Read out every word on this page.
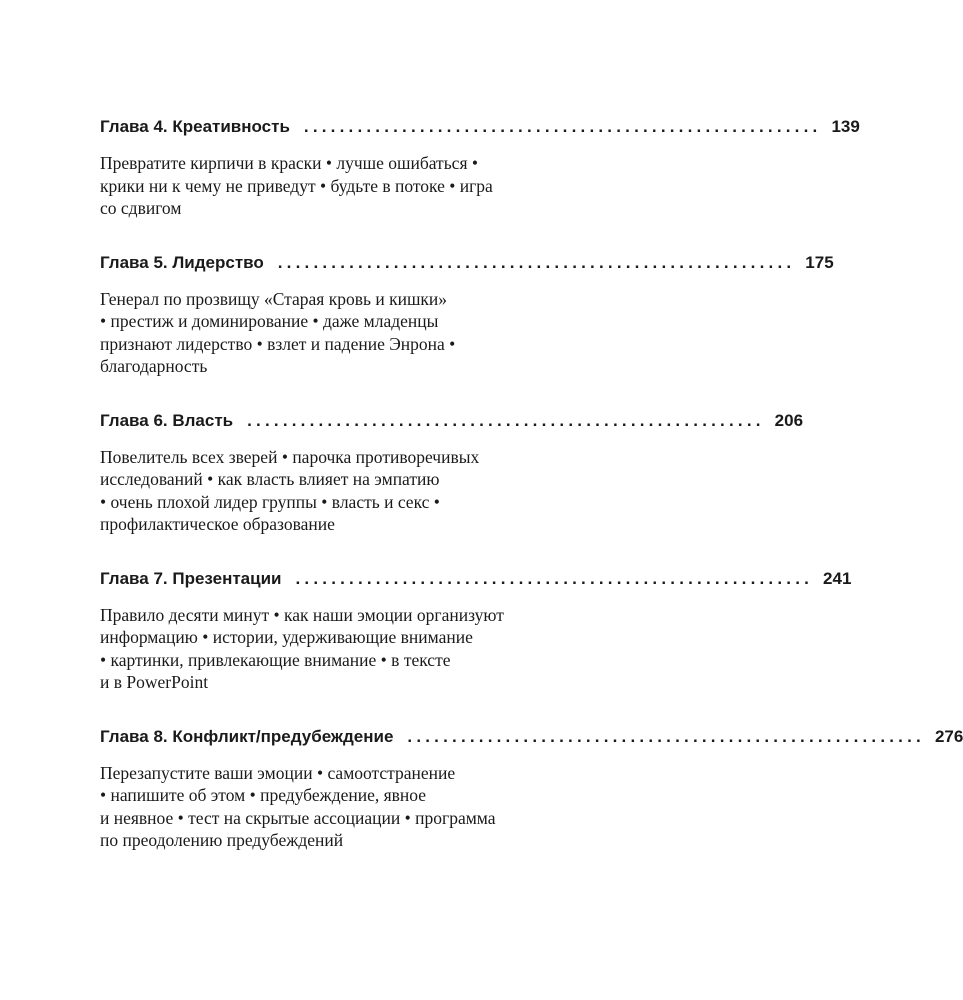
Глава 4. Креативность .......................................................... 139
Превратите кирпичи в краски • лучше ошибаться •
крики ни к чему не приведут • будьте в потоке • игра
со сдвигом
Глава 5. Лидерство .......................................................... 175
Генерал по прозвищу «Старая кровь и кишки»
• престиж и доминирование • даже младенцы
признают лидерство • взлет и падение Энрона •
благодарность
Глава 6. Власть .......................................................... 206
Повелитель всех зверей • парочка противоречивых
исследований • как власть влияет на эмпатию
• очень плохой лидер группы • власть и секс •
профилактическое образование
Глава 7. Презентации .......................................................... 241
Правило десяти минут • как наши эмоции организуют
информацию • истории, удерживающие внимание
• картинки, привлекающие внимание • в тексте
и в PowerPoint
Глава 8. Конфликт/предубеждение .......................................................... 276
Перезапустите ваши эмоции • самоотстранение
• напишите об этом • предубеждение, явное
и неявное • тест на скрытые ассоциации • программа
по преодолению предубеждений
